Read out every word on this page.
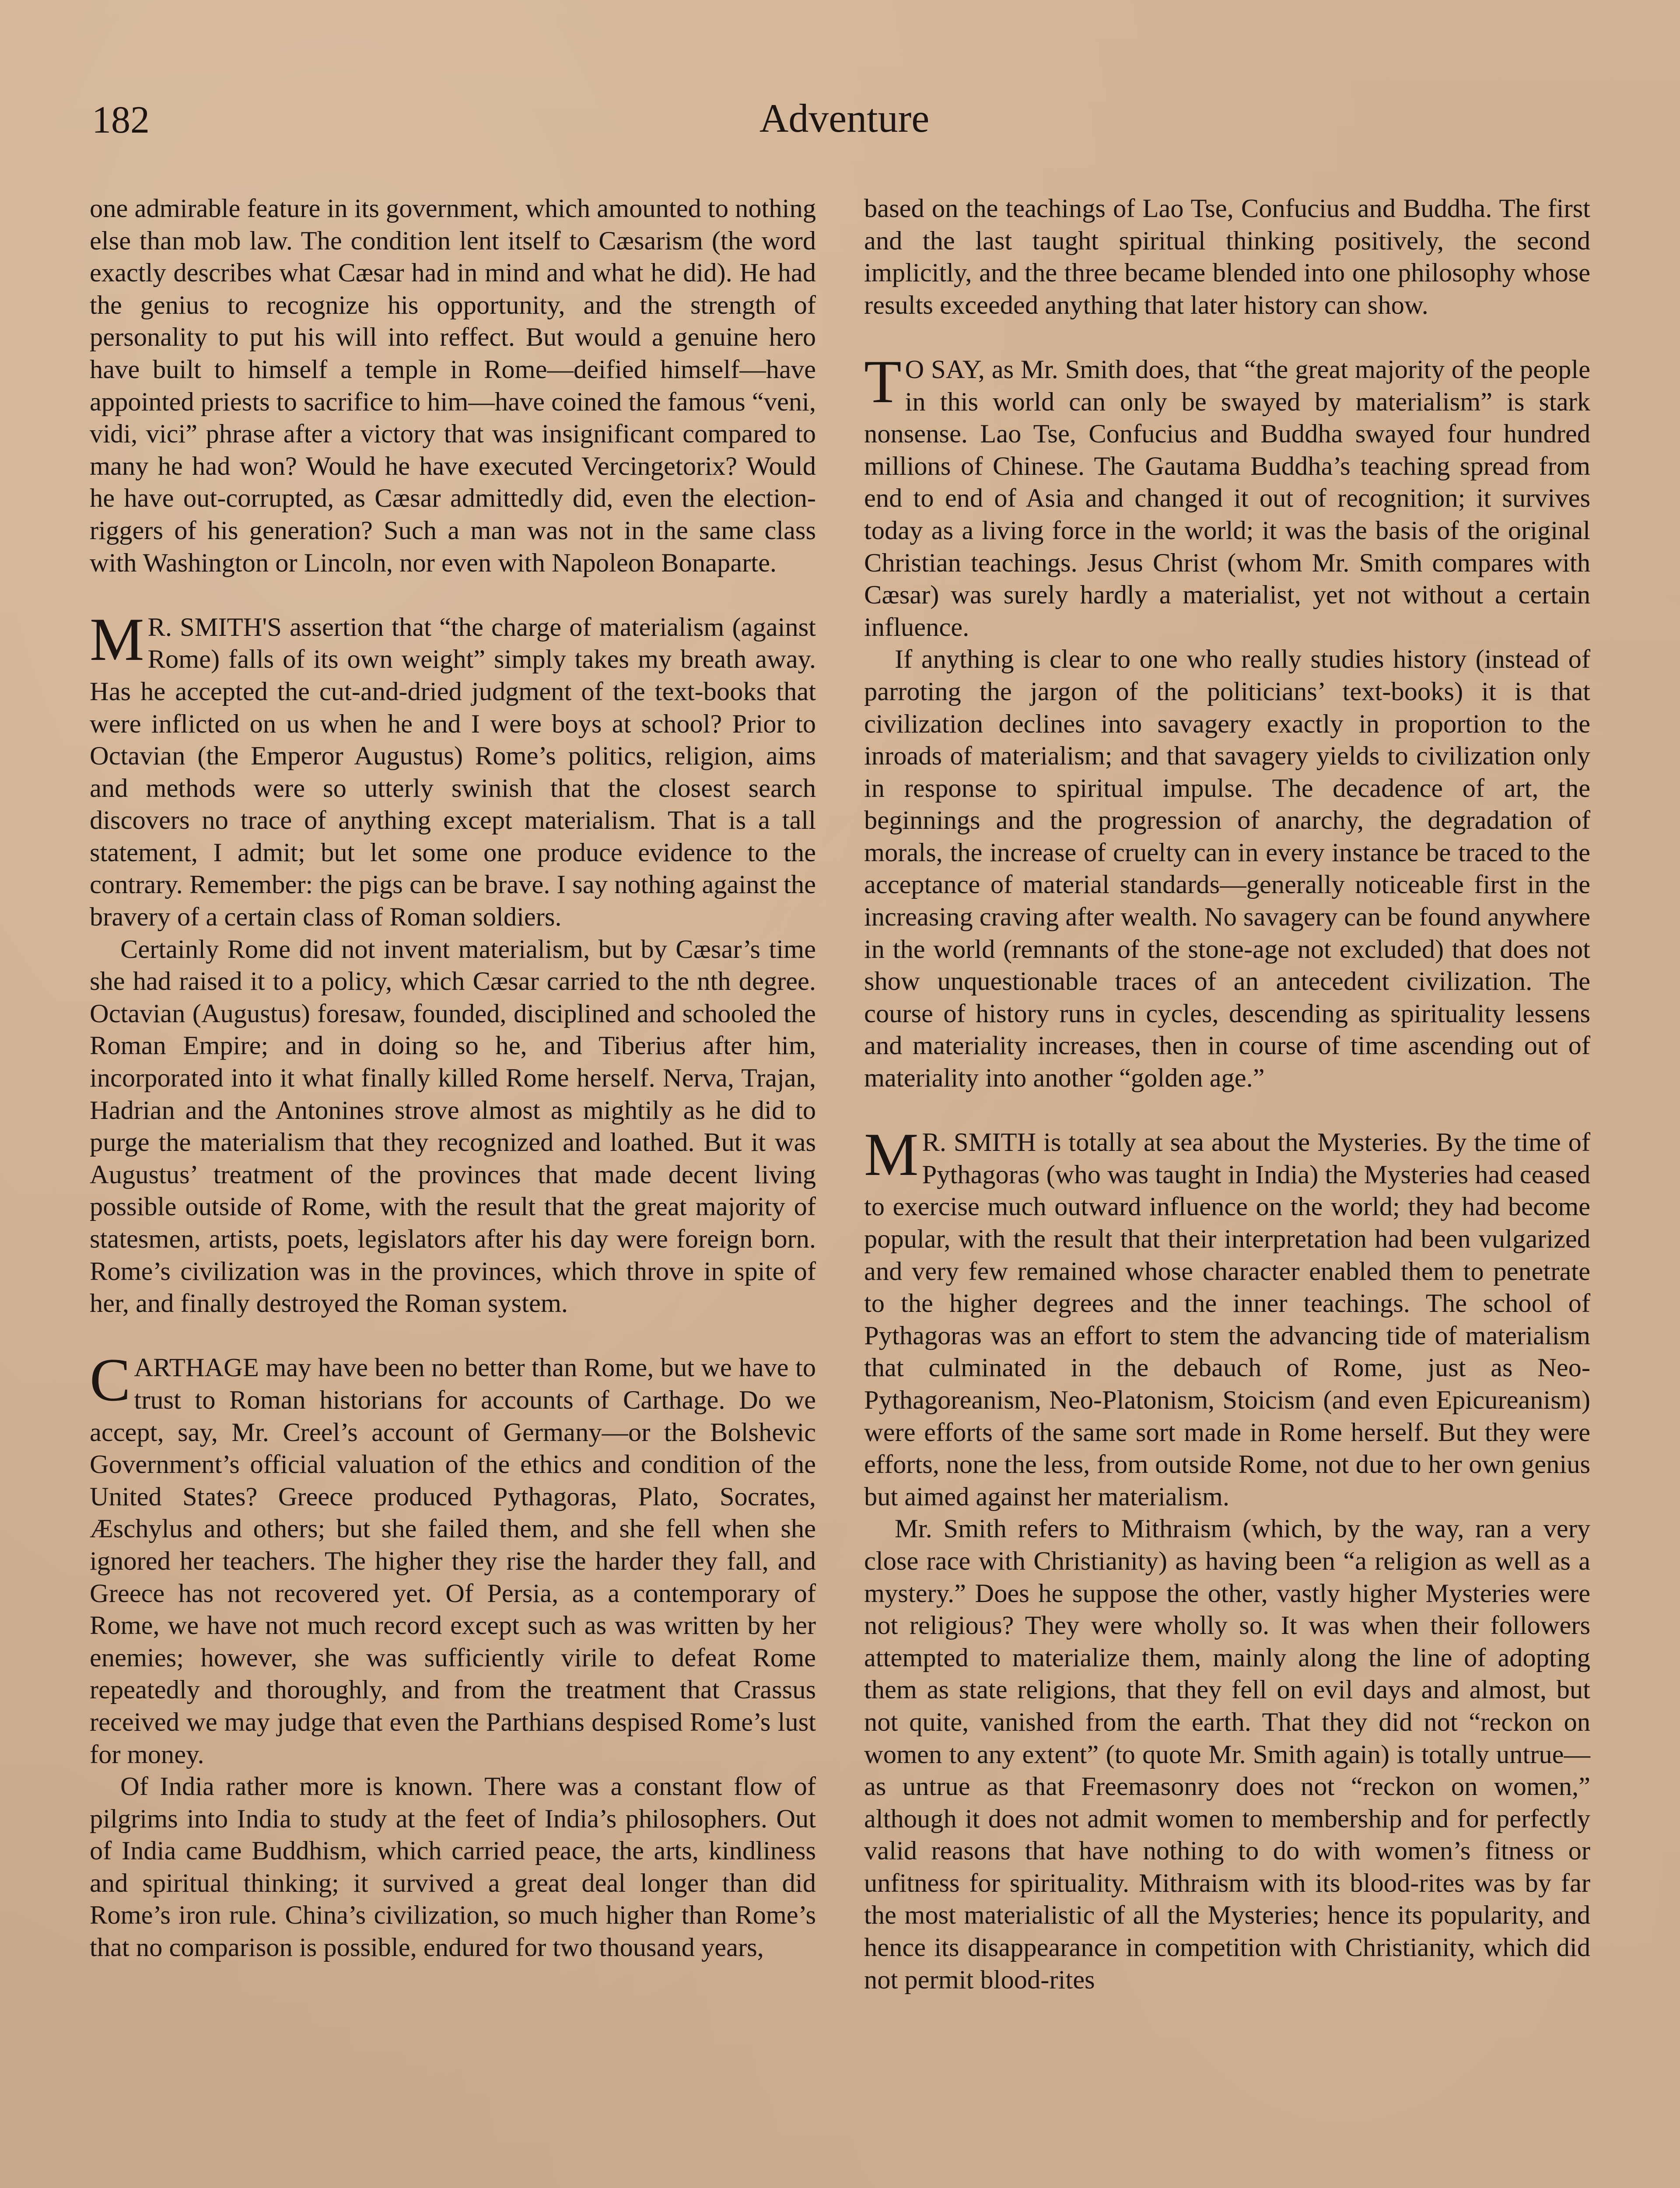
182	Adventure

one admirable feature in its government, which amounted to nothing else than mob law. The condition lent itself to Cæsarism (the word exactly describes what Cæsar had in mind and what he did). He had the genius to recognize his opportunity, and the strength of personality to put his will into reffect. But would a genuine hero have built to himself a temple in Rome—deified himself—have appointed priests to sacrifice to him—have coined the famous “veni, vidi, vici” phrase after a victory that was insignificant compared to many he had won? Would he have executed Vercingetorix? Would he have out-corrupted, as Cæsar admittedly did, even the election-riggers of his generation? Such a man was not in the same class with Washington or Lincoln, nor even with Napoleon Bonaparte.

MR. SMITH'S assertion that “the charge of materialism (against Rome) falls of its own weight” simply takes my breath away. Has he accepted the cut-and-dried judgment of the text-books that were inflicted on us when he and I were boys at school? Prior to Octavian (the Emperor Augustus) Rome’s politics, religion, aims and methods were so utterly swinish that the closest search discovers no trace of anything except materialism. That is a tall statement, I admit; but let some one produce evidence to the contrary. Remember: the pigs can be brave. I say nothing against the bravery of a certain class of Roman soldiers.

Certainly Rome did not invent materialism, but by Cæsar’s time she had raised it to a policy, which Cæsar carried to the nth degree. Octavian (Augustus) foresaw, founded, disciplined and schooled the Roman Empire; and in doing so he, and Tiberius after him, incorporated into it what finally killed Rome herself. Nerva, Trajan, Hadrian and the Antonines strove almost as mightily as he did to purge the materialism that they recognized and loathed. But it was Augustus’ treatment of the provinces that made decent living possible outside of Rome, with the result that the great majority of statesmen, artists, poets, legislators after his day were foreign born. Rome’s civilization was in the provinces, which throve in spite of her, and finally destroyed the Roman system.

CARTHAGE may have been no better than Rome, but we have to trust to Roman historians for accounts of Carthage. Do we accept, say, Mr. Creel’s account of Germany—or the Bolshevic Government’s official valuation of the ethics and condition of the United States? Greece produced Pythagoras, Plato, Socrates, Æschylus and others; but she failed them, and she fell when she ignored her teachers. The higher they rise the harder they fall, and Greece has not recovered yet. Of Persia, as a contemporary of Rome, we have not much record except such as was written by her enemies; however, she was sufficiently virile to defeat Rome repeatedly and thoroughly, and from the treatment that Crassus received we may judge that even the Parthians despised Rome’s lust for money.

Of India rather more is known. There was a constant flow of pilgrims into India to study at the feet of India’s philosophers. Out of India came Buddhism, which carried peace, the arts, kindliness and spiritual thinking; it survived a great deal longer than did Rome’s iron rule. China’s civilization, so much higher than Rome’s that no comparison is possible, endured for two thousand years,

based on the teachings of Lao Tse, Confucius and Buddha. The first and the last taught spiritual thinking positively, the second implicitly, and the three became blended into one philosophy whose results exceeded anything that later history can show.

TO SAY, as Mr. Smith does, that “the great majority of the people in this world can only be swayed by materialism” is stark nonsense. Lao Tse, Confucius and Buddha swayed four hundred millions of Chinese. The Gautama Buddha’s teaching spread from end to end of Asia and changed it out of recognition; it survives today as a living force in the world; it was the basis of the original Christian teachings. Jesus Christ (whom Mr. Smith compares with Cæsar) was surely hardly a materialist, yet not without a certain influence.

If anything is clear to one who really studies history (instead of parroting the jargon of the politicians’ text-books) it is that civilization declines into savagery exactly in proportion to the inroads of materialism; and that savagery yields to civilization only in response to spiritual impulse. The decadence of art, the beginnings and the progression of anarchy, the degradation of morals, the increase of cruelty can in every instance be traced to the acceptance of material standards—generally noticeable first in the increasing craving after wealth. No savagery can be found anywhere in the world (remnants of the stone-age not excluded) that does not show unquestionable traces of an antecedent civilization. The course of history runs in cycles, descending as spirituality lessens and materiality increases, then in course of time ascending out of materiality into another “golden age.”

MR. SMITH is totally at sea about the Mysteries. By the time of Pythagoras (who was taught in India) the Mysteries had ceased to exercise much outward influence on the world; they had become popular, with the result that their interpretation had been vulgarized and very few remained whose character enabled them to penetrate to the higher degrees and the inner teachings. The school of Pythagoras was an effort to stem the advancing tide of materialism that culminated in the debauch of Rome, just as Neo-Pythagoreanism, Neo-Platonism, Stoicism (and even Epicureanism) were efforts of the same sort made in Rome herself. But they were efforts, none the less, from outside Rome, not due to her own genius but aimed against her materialism.

Mr. Smith refers to Mithraism (which, by the way, ran a very close race with Christianity) as having been “a religion as well as a mystery.” Does he suppose the other, vastly higher Mysteries were not religious? They were wholly so. It was when their followers attempted to materialize them, mainly along the line of adopting them as state religions, that they fell on evil days and almost, but not quite, vanished from the earth. That they did not “reckon on women to any extent” (to quote Mr. Smith again) is totally untrue—as untrue as that Freemasonry does not “reckon on women,” although it does not admit women to membership and for perfectly valid reasons that have nothing to do with women’s fitness or unfitness for spirituality. Mithraism with its blood-rites was by far the most materialistic of all the Mysteries; hence its popularity, and hence its disappearance in competition with Christianity, which did not permit blood-rites
